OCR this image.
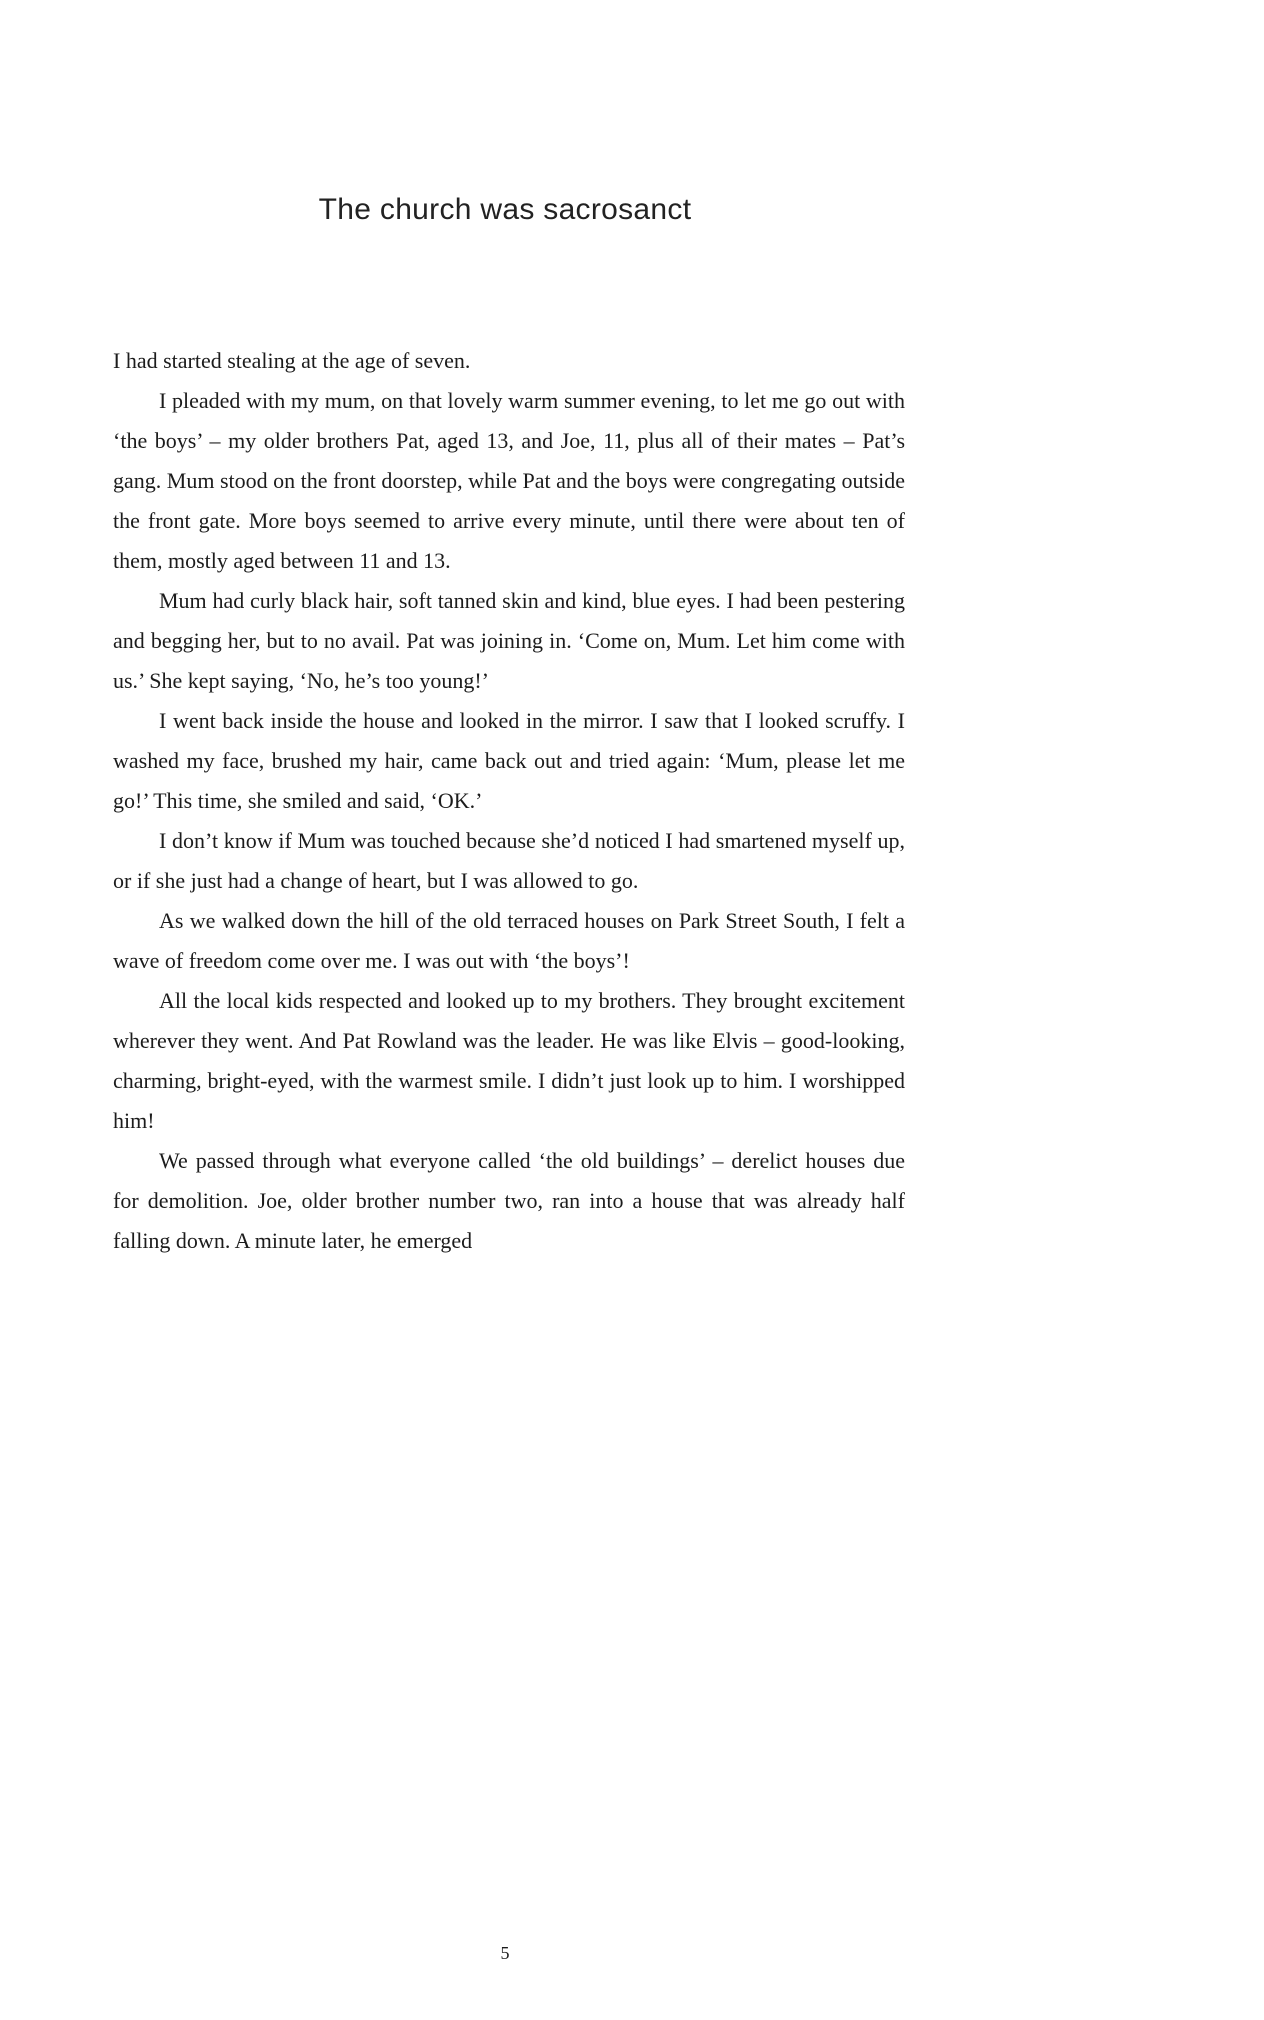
The church was sacrosanct

I had started stealing at the age of seven.

I pleaded with my mum, on that lovely warm summer evening, to let me go out with ‘the boys’ – my older brothers Pat, aged 13, and Joe, 11, plus all of their mates – Pat’s gang. Mum stood on the front doorstep, while Pat and the boys were congregating outside the front gate. More boys seemed to arrive every minute, until there were about ten of them, mostly aged between 11 and 13.

Mum had curly black hair, soft tanned skin and kind, blue eyes. I had been pestering and begging her, but to no avail. Pat was joining in. ‘Come on, Mum. Let him come with us.’ She kept saying, ‘No, he’s too young!’

I went back inside the house and looked in the mirror. I saw that I looked scruffy. I washed my face, brushed my hair, came back out and tried again: ‘Mum, please let me go!’ This time, she smiled and said, ‘OK.’

I don’t know if Mum was touched because she’d noticed I had smartened myself up, or if she just had a change of heart, but I was allowed to go.

As we walked down the hill of the old terraced houses on Park Street South, I felt a wave of freedom come over me. I was out with ‘the boys’!

All the local kids respected and looked up to my brothers. They brought excitement wherever they went. And Pat Rowland was the leader. He was like Elvis – good-looking, charming, bright-eyed, with the warmest smile. I didn’t just look up to him. I worshipped him!

We passed through what everyone called ‘the old buildings’ – derelict houses due for demolition. Joe, older brother number two, ran into a house that was already half falling down. A minute later, he emerged

5
